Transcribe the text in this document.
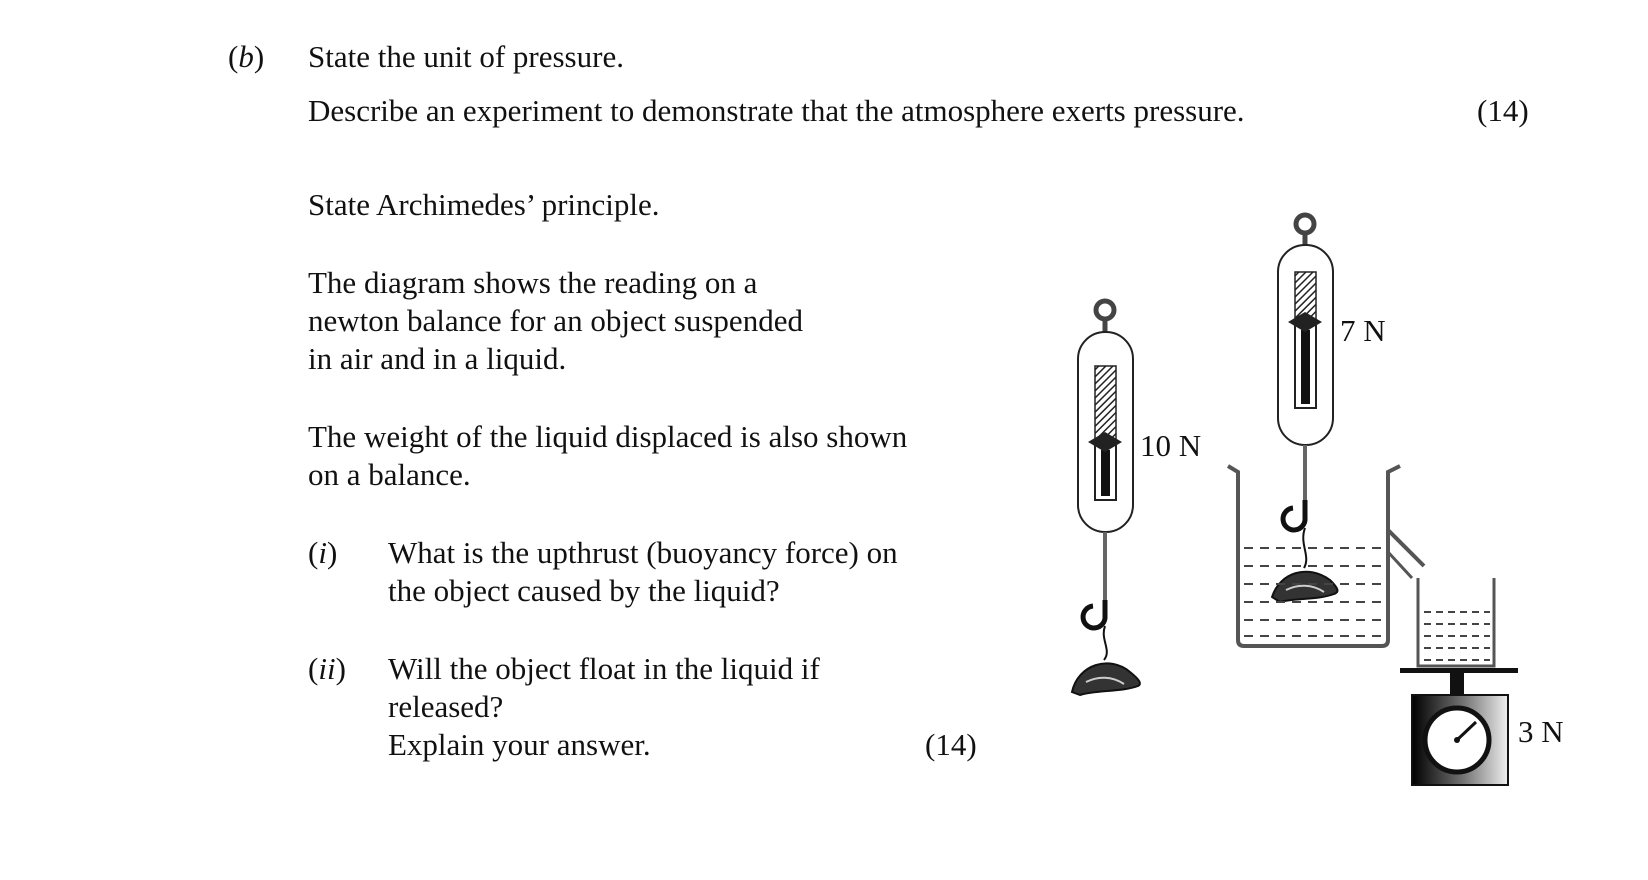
(b) State the unit of pressure.
Describe an experiment to demonstrate that the atmosphere exerts pressure.	(14)
State Archimedes’ principle.
The diagram shows the reading on a
newton balance for an object suspended
in air and in a liquid.
The weight of the liquid displaced is also shown
on a balance.
(i) What is the upthrust (buoyancy force) on
the object caused by the liquid?
(ii) Will the object float in the liquid if
released?
Explain your answer.	(14)
10 N
7 N
3 N
